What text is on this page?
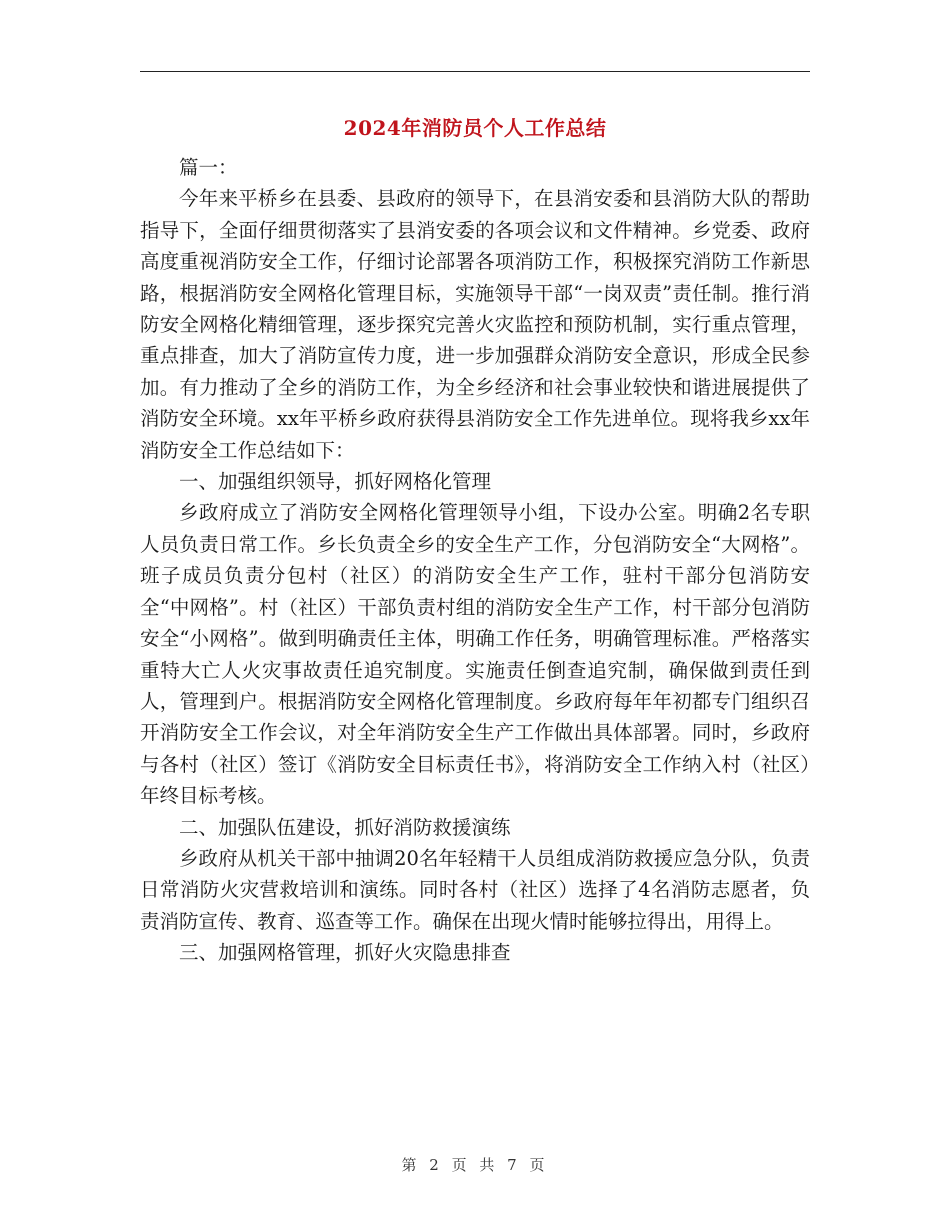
2024年消防员个人工作总结

篇一：

今年来平桥乡在县委、县政府的领导下，在县消安委和县消防大队的帮助指导下，全面仔细贯彻落实了县消安委的各项会议和文件精神。乡党委、政府高度重视消防安全工作，仔细讨论部署各项消防工作，积极探究消防工作新思路，根据消防安全网格化管理目标，实施领导干部“一岗双责”责任制。推行消防安全网格化精细管理，逐步探究完善火灾监控和预防机制，实行重点管理，重点排查，加大了消防宣传力度，进一步加强群众消防安全意识，形成全民参加。有力推动了全乡的消防工作，为全乡经济和社会事业较快和谐进展提供了消防安全环境。xx年平桥乡政府获得县消防安全工作先进单位。现将我乡xx年消防安全工作总结如下：

一、加强组织领导，抓好网格化管理

乡政府成立了消防安全网格化管理领导小组，下设办公室。明确2名专职人员负责日常工作。乡长负责全乡的安全生产工作，分包消防安全“大网格”。班子成员负责分包村（社区）的消防安全生产工作，驻村干部分包消防安全“中网格”。村（社区）干部负责村组的消防安全生产工作，村干部分包消防安全“小网格”。做到明确责任主体，明确工作任务，明确管理标准。严格落实重特大亡人火灾事故责任追究制度。实施责任倒查追究制，确保做到责任到人，管理到户。根据消防安全网格化管理制度。乡政府每年年初都专门组织召开消防安全工作会议，对全年消防安全生产工作做出具体部署。同时，乡政府与各村（社区）签订《消防安全目标责任书》，将消防安全工作纳入村（社区）年终目标考核。

二、加强队伍建设，抓好消防救援演练

乡政府从机关干部中抽调20名年轻精干人员组成消防救援应急分队，负责日常消防火灾营救培训和演练。同时各村（社区）选择了4名消防志愿者，负责消防宣传、教育、巡查等工作。确保在出现火情时能够拉得出，用得上。

三、加强网格管理，抓好火灾隐患排查

第 2 页 共 7 页
